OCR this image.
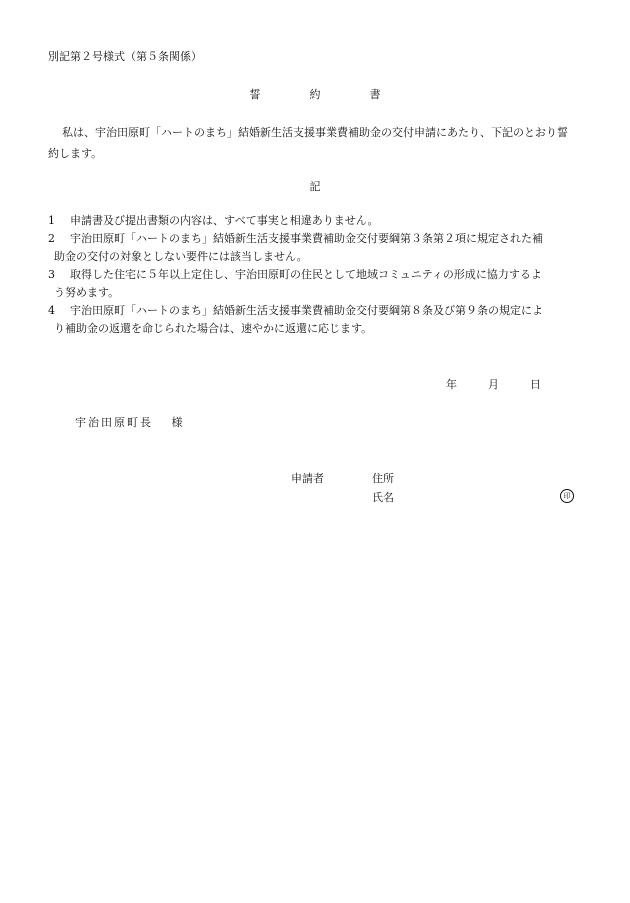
別記第２号様式（第５条関係）
誓　約　書
私は、宇治田原町「ハートのまち」結婚新生活支援事業費補助金の交付申請にあたり、下記のとおり誓約します。
記
1 申請書及び提出書類の内容は、すべて事実と相違ありません。
2 宇治田原町「ハートのまち」結婚新生活支援事業費補助金交付要綱第３条第２項に規定された補
助金の交付の対象としない要件には該当しません。
3 取得した住宅に５年以上定住し、宇治田原町の住民として地域コミュニティの形成に協力するよ
う努めます。
4 宇治田原町「ハートのまち」結婚新生活支援事業費補助金交付要綱第８条及び第９条の規定によ
り補助金の返還を命じられた場合は、速やかに返還に応じます。
年	月	日
宇治田原町長　 様
申請者	住所
氏名	印
